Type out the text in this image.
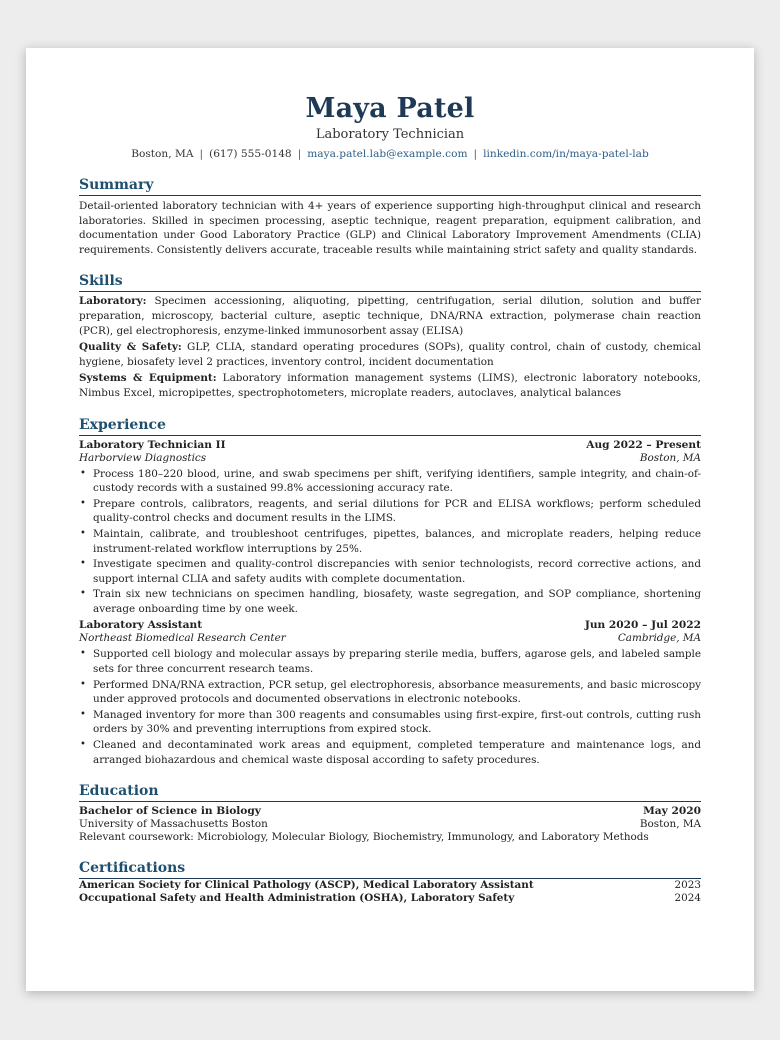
Maya Patel
Laboratory Technician
Boston, MA | (617) 555-0148 | maya.patel.lab@example.com | linkedin.com/in/maya-patel-lab
Summary
Detail-oriented laboratory technician with 4+ years of experience supporting high-throughput clinical and research laboratories. Skilled in specimen processing, aseptic technique, reagent preparation, equipment calibration, and documentation under Good Laboratory Practice (GLP) and Clinical Laboratory Improvement Amendments (CLIA) requirements. Consistently delivers accurate, traceable results while maintaining strict safety and quality standards.
Skills
Laboratory: Specimen accessioning, aliquoting, pipetting, centrifugation, serial dilution, solution and buffer preparation, microscopy, bacterial culture, aseptic technique, DNA/RNA extraction, polymerase chain reaction (PCR), gel electrophoresis, enzyme-linked immunosorbent assay (ELISA)
Quality & Safety: GLP, CLIA, standard operating procedures (SOPs), quality control, chain of custody, chemical hygiene, biosafety level 2 practices, inventory control, incident documentation
Systems & Equipment: Laboratory information management systems (LIMS), electronic laboratory notebooks, Nimbus Excel, micropipettes, spectrophotometers, microplate readers, autoclaves, analytical balances
Experience
Laboratory Technician II	Aug 2022 – Present
Harborview Diagnostics	Boston, MA
• Process 180–220 blood, urine, and swab specimens per shift, verifying identifiers, sample integrity, and chain-of-custody records with a sustained 99.8% accessioning accuracy rate.
• Prepare controls, calibrators, reagents, and serial dilutions for PCR and ELISA workflows; perform scheduled quality-control checks and document results in the LIMS.
• Maintain, calibrate, and troubleshoot centrifuges, pipettes, balances, and microplate readers, helping reduce instrument-related workflow interruptions by 25%.
• Investigate specimen and quality-control discrepancies with senior technologists, record corrective actions, and support internal CLIA and safety audits with complete documentation.
• Train six new technicians on specimen handling, biosafety, waste segregation, and SOP compliance, shortening average onboarding time by one week.
Laboratory Assistant	Jun 2020 – Jul 2022
Northeast Biomedical Research Center	Cambridge, MA
• Supported cell biology and molecular assays by preparing sterile media, buffers, agarose gels, and labeled sample sets for three concurrent research teams.
• Performed DNA/RNA extraction, PCR setup, gel electrophoresis, absorbance measurements, and basic microscopy under approved protocols and documented observations in electronic notebooks.
• Managed inventory for more than 300 reagents and consumables using first-expire, first-out controls, cutting rush orders by 30% and preventing interruptions from expired stock.
• Cleaned and decontaminated work areas and equipment, completed temperature and maintenance logs, and arranged biohazardous and chemical waste disposal according to safety procedures.
Education
Bachelor of Science in Biology	May 2020
University of Massachusetts Boston	Boston, MA
Relevant coursework: Microbiology, Molecular Biology, Biochemistry, Immunology, and Laboratory Methods
Certifications
American Society for Clinical Pathology (ASCP), Medical Laboratory Assistant	2023
Occupational Safety and Health Administration (OSHA), Laboratory Safety	2024
